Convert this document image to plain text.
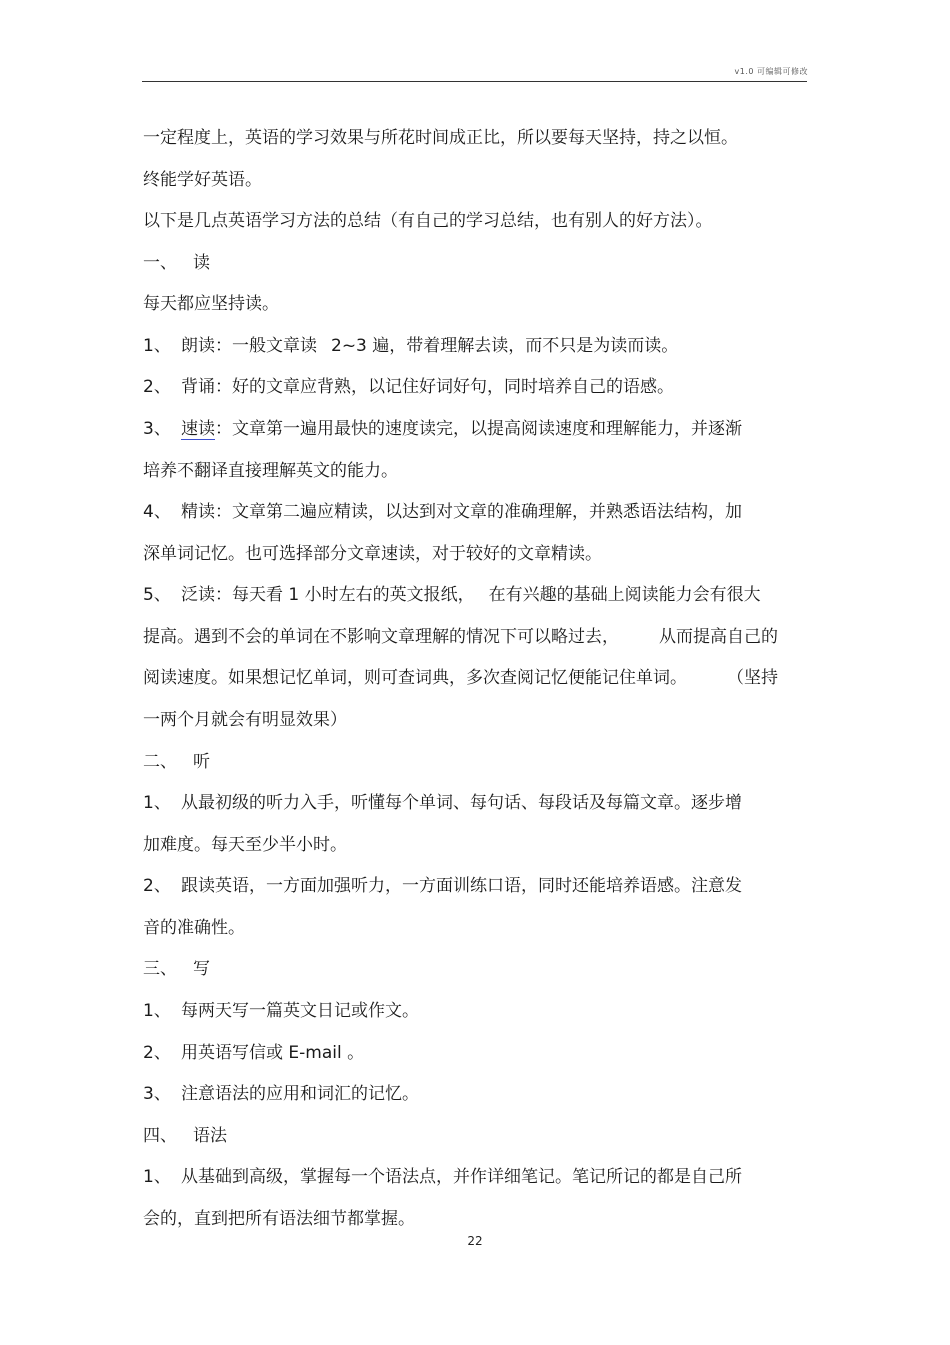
v1.0 可编辑可修改
一定程度上，英语的学习效果与所花时间成正比，所以要每天坚持，持之以恒。
终能学好英语。
以下是几点英语学习方法的总结（有自己的学习总结，也有别人的好方法）。
一、 读
每天都应坚持读。
1、 朗读：一般文章读 2~3 遍，带着理解去读，而不只是为读而读。
2、 背诵：好的文章应背熟，以记住好词好句，同时培养自己的语感。
3、 速读：文章第一遍用最快的速度读完，以提高阅读速度和理解能力，并逐渐
培养不翻译直接理解英文的能力。
4、 精读：文章第二遍应精读，以达到对文章的准确理解，并熟悉语法结构，加
深单词记忆。也可选择部分文章速读，对于较好的文章精读。
5、 泛读：每天看 1 小时左右的英文报纸， 在有兴趣的基础上阅读能力会有很大
提高。遇到不会的单词在不影响文章理解的情况下可以略过去， 从而提高自己的
阅读速度。如果想记忆单词，则可查词典，多次查阅记忆便能记住单词。 （坚持
一两个月就会有明显效果）
二、 听
1、 从最初级的听力入手，听懂每个单词、每句话、每段话及每篇文章。逐步增
加难度。每天至少半小时。
2、 跟读英语，一方面加强听力，一方面训练口语，同时还能培养语感。注意发
音的准确性。
三、 写
1、 每两天写一篇英文日记或作文。
2、 用英语写信或 E-mail 。
3、 注意语法的应用和词汇的记忆。
四、 语法
1、 从基础到高级，掌握每一个语法点，并作详细笔记。笔记所记的都是自己所
会的，直到把所有语法细节都掌握。
22
